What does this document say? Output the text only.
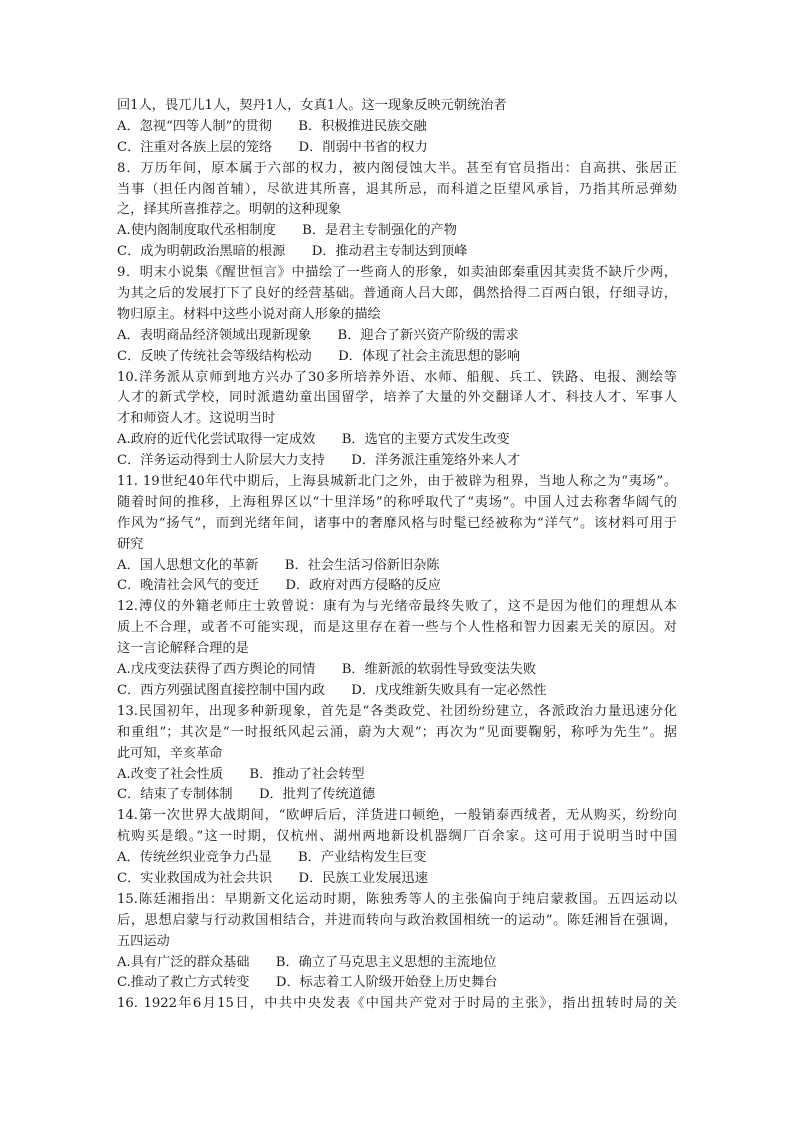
回1人，畏兀儿1人，契丹1人，女真1人。这一现象反映元朝统治者
A．忽视“四等人制”的贯彻　　B．积极推进民族交融
C．注重对各族上层的笼络　　D．削弱中书省的权力
8．万历年间，原本属于六部的权力，被内阁侵蚀大半。甚至有官员指出：自高拱、张居正
当事（担任内阁首辅），尽欲进其所喜，退其所忌，而科道之臣望风承旨，乃指其所忌弹劾
之，择其所喜推荐之。明朝的这种现象
A.使内阁制度取代丞相制度　　B．是君主专制强化的产物
C．成为明朝政治黑暗的根源　　D．推动君主专制达到顶峰
9．明末小说集《醒世恒言》中描绘了一些商人的形象，如卖油郎秦重因其卖货不缺斤少两，
为其之后的发展打下了良好的经营基础。普通商人吕大郎，偶然拾得二百两白银，仔细寻访，
物归原主。材料中这些小说对商人形象的描绘
A．表明商品经济领域出现新现象　　B．迎合了新兴资产阶级的需求
C．反映了传统社会等级结构松动　　D．体现了社会主流思想的影响
10.洋务派从京师到地方兴办了30多所培养外语、水师、船舰、兵工、铁路、电报、测绘等
人才的新式学校，同时派遣幼童出国留学，培养了大量的外交翻译人才、科技人才、军事人
才和师资人才。这说明当时
A.政府的近代化尝试取得一定成效　　B．选官的主要方式发生改变
C．洋务运动得到士人阶层大力支持　　D．洋务派注重笼络外来人才
11. 19世纪40年代中期后，上海县城新北门之外，由于被辟为租界，当地人称之为“夷场”。
随着时间的推移，上海租界区以“十里洋场”的称呼取代了“夷场”。中国人过去称奢华阔气的
作风为“扬气”，而到光绪年间，诸事中的奢靡风格与时髦已经被称为“洋气”。该材料可用于
研究
A．国人思想文化的革新　　B．社会生活习俗新旧杂陈
C．晚清社会风气的变迁　　D．政府对西方侵略的反应
12.溥仪的外籍老师庄士敦曾说：康有为与光绪帝最终失败了，这不是因为他们的理想从本
质上不合理，或者不可能实现，而是这里存在着一些与个人性格和智力因素无关的原因。对
这一言论解释合理的是
A.戊戌变法获得了西方舆论的同情　　B．维新派的软弱性导致变法失败
C．西方列强试图直接控制中国内政　　D．戊戌维新失败具有一定必然性
13.民国初年，出现多种新现象，首先是“各类政党、社团纷纷建立，各派政治力量迅速分化
和重组”；其次是“一时报纸风起云涌，蔚为大观”；再次为“见面要鞠躬，称呼为先生”。据
此可知，辛亥革命
A.改变了社会性质　　B．推动了社会转型
C．结束了专制体制　　D．批判了传统道德
14.第一次世界大战期间，“欧岬后后，洋货进口顿绝，一般销泰西绒者，无从购买，纷纷向
杭购买是缎。”这一时期，仅杭州、湖州两地新设机器绸厂百余家。这可用于说明当时中国
A．传统丝织业竞争力凸显　　B．产业结构发生巨变
C．实业救国成为社会共识　　D．民族工业发展迅速
15.陈廷湘指出：早期新文化运动时期，陈独秀等人的主张偏向于纯启蒙救国。五四运动以
后，思想启蒙与行动救国相结合，并进而转向与政治救国相统一的运动”。陈廷湘旨在强调，
五四运动
A.具有广泛的群众基础　　B．确立了马克思主义思想的主流地位
C.推动了救亡方式转变　　D．标志着工人阶级开始登上历史舞台
16. 1922年6月15日，中共中央发表《中国共产党对于时局的主张》，指出扭转时局的关
